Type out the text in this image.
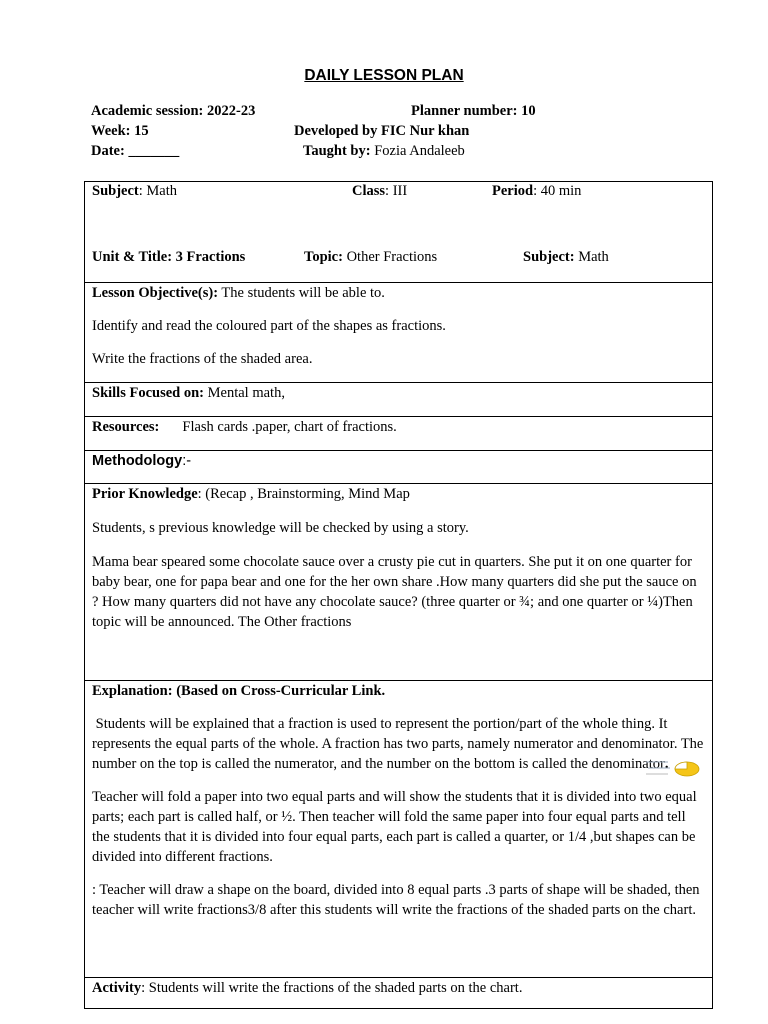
DAILY LESSON PLAN
Academic session: 2022-23	Planner number: 10
Week: 15	Developed by FIC Nur khan
Date: _______	Taught by: Fozia Andaleeb
Subject: Math	Class: III	Period: 40 min
Unit & Title: 3 Fractions	Topic: Other Fractions	Subject: Math

Lesson Objective(s): The students will be able to.

Identify and read the coloured part of the shapes as fractions.

Write the fractions of the shaded area.

Skills Focused on: Mental math,

Resources: Flash cards .paper, chart of fractions.

Methodology:-

Prior Knowledge: (Recap , Brainstorming, Mind Map

Students, s previous knowledge will be checked by using a story.

Mama bear speared some chocolate sauce over a crusty pie cut in quarters. She put it on one quarter for baby bear, one for papa bear and one for the her own share .How many quarters did she put the sauce on ? How many quarters did not have any chocolate sauce? (three quarter or ¾; and one quarter or ¼)Then topic will be announced. The Other fractions

Explanation: (Based on Cross-Curricular Link.

Students will be explained that a fraction is used to represent the portion/part of the whole thing. It represents the equal parts of the whole. A fraction has two parts, namely numerator and denominator. The number on the top is called the numerator, and the number on the bottom is called the denominator.

Teacher will fold a paper into two equal parts and will show the students that it is divided into two equal parts; each part is called half, or ½. Then teacher will fold the same paper into four equal parts and tell the students that it is divided into four equal parts, each part is called a quarter, or 1/4 ,but shapes can be divided into different fractions.

: Teacher will draw a shape on the board, divided into 8 equal parts .3 parts of shape will be shaded, then teacher will write fractions3/8 after this students will write the fractions of the shaded parts on the chart.

Activity: Students will write the fractions of the shaded parts on the chart.
